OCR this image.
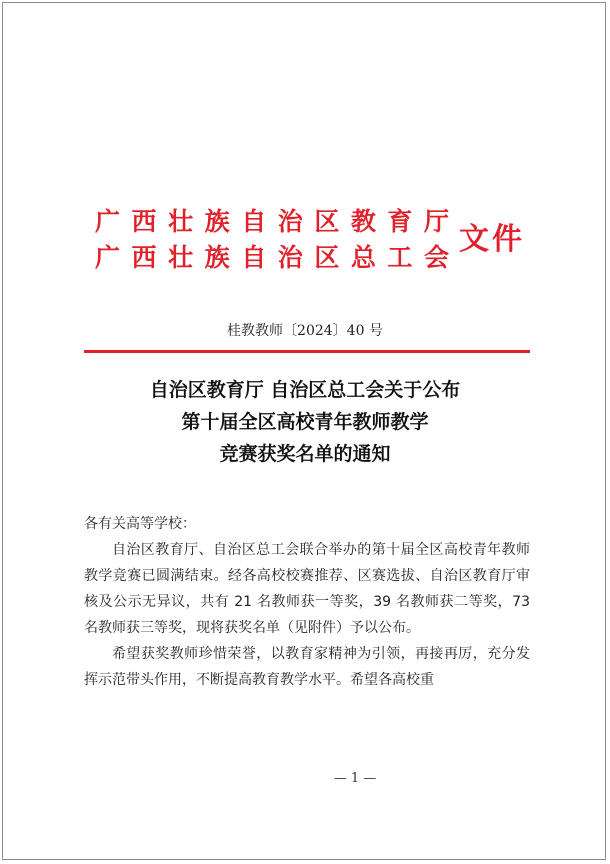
广西壮族自治区教育厅
广西壮族自治区总工会
文件
桂教教师〔2024〕40 号
自治区教育厅 自治区总工会关于公布
第十届全区高校青年教师教学
竞赛获奖名单的通知

各有关高等学校：

自治区教育厅、自治区总工会联合举办的第十届全区高校青年教师教学竞赛已圆满结束。经各高校校赛推荐、区赛选拔、自治区教育厅审核及公示无异议，共有 21 名教师获一等奖，39 名教师获二等奖，73 名教师获三等奖，现将获奖名单（见附件）予以公布。

希望获奖教师珍惜荣誉，以教育家精神为引领，再接再厉，充分发挥示范带头作用，不断提高教育教学水平。希望各高校重

— 1 —
